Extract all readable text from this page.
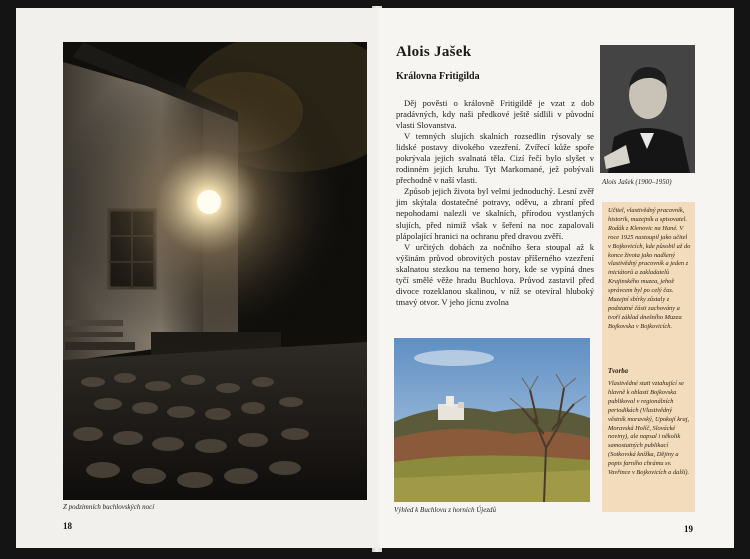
Z podzimních buchlovských nocí
18
Alois Jašek
Královna Fritigilda

Děj pověsti o královně Fritigildě je vzat z dob pradávných, kdy naši předkové ještě sídlili v původní vlasti Slovanstva.

V temných slujích skalních rozsedlin rýsovaly se lidské postavy divokého vzezření. Zvířecí kůže spoře pokrývala jejich svalnatá těla. Cizí řečí bylo slyšet v rodinném jejich kruhu. Tyt Markomané, jež pobývali přechodně v naší vlasti.

Způsob jejich života byl velmi jednoduchý. Lesní zvěř jim skýtala dostatečné potravy, oděvu, a zbraní před nepohodami nalezli ve skalních, přírodou vystlaných slujích, před nimiž však v šeření na noc zapalovali plápolající hranici na ochranu před dravou zvěří.

V určitých dobách za nočního šera stoupal až k výšinám průvod obrovitých postav příšerného vzezření skalnatou stezkou na temeno hory, kde se vypíná dnes tyčí smělé věže hradu Buchlova. Průvod zastavil před divoce rozeklanou skalinou, v níž se otevíral hluboký tmavý otvor. V jeho jícnu zvolna

Alois Jašek (1900–1950)
Učitel, vlastivědný pracovník, historik, muzejník a spisovatel. Rodák z Klenovic na Hané. V roce 1925 nastoupil jako učitel v Bojkovicích, kde působil až do konce života jako nadšený vlastivědný pracovník a jeden z iniciátorů a zakladatelů Krajinského muzea, jehož správcem byl po celý čas. Muzejní sbírky zůstaly z podstatné části zachovány a tvoří základ dnešního Muzea Bojkovska v Bojkovicích.
Tvorba
Vlastivědné stati vztahující se hlavně k oblasti Bojkovska publikoval v regionálních periodikách (Vlastivědný věstník moravský, Upokojí kraj, Moravská Holíč, Slovácké noviny), ale napsal i několik samostatných publikací (Sotkovská knížka, Dějiny a popis farního chrámu sv. Vavřince v Bojkovicích a další).
Výhled k Buchlovu z horních Újezdů
19
